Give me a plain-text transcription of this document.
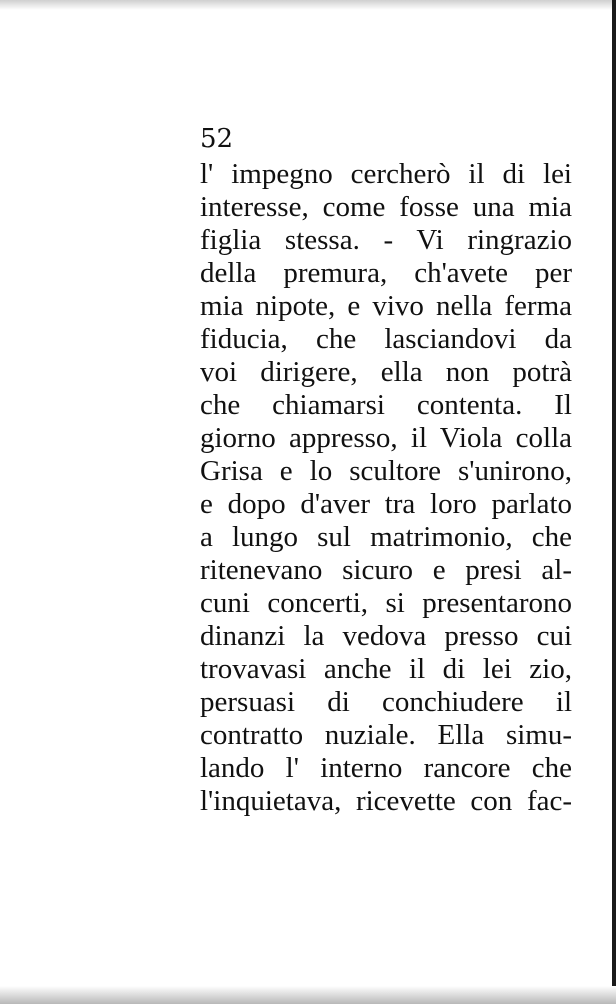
52

l' impegno cercherò il di lei
interesse, come fosse una mia
figlia stessa. - Vi ringrazio
della premura, ch'avete per
mia nipote, e vivo nella ferma
fiducia, che lasciandovi da
voi dirigere, ella non potrà
che chiamarsi contenta. Il
giorno appresso, il Viola colla
Grisa e lo scultore s'unirono,
e dopo d'aver tra loro parlato
a lungo sul matrimonio, che
ritenevano sicuro e presi al-
cuni concerti, si presentarono
dinanzi la vedova presso cui
trovavasi anche il di lei zio,
persuasi di conchiudere il
contratto nuziale. Ella simu-
lando l' interno rancore che
l'inquietava, ricevette con fac-
